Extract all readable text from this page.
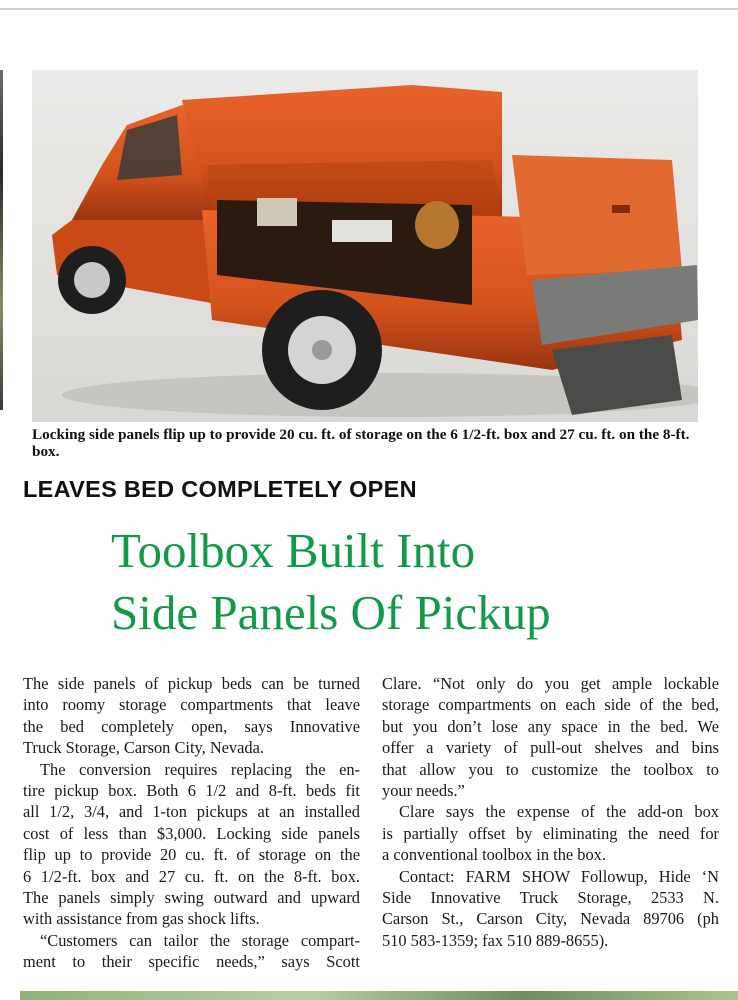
Locking side panels flip up to provide 20 cu. ft. of storage on the 6 1/2-ft. box and 27 cu. ft. on the 8-ft. box.
LEAVES BED COMPLETELY OPEN
Toolbox Built Into
Side Panels Of Pickup
The side panels of pickup beds can be turned
into roomy storage compartments that leave
the bed completely open, says Innovative
Truck Storage, Carson City, Nevada.
The conversion requires replacing the en-
tire pickup box. Both 6 1/2 and 8-ft. beds fit
all 1/2, 3/4, and 1-ton pickups at an installed
cost of less than $3,000. Locking side panels
flip up to provide 20 cu. ft. of storage on the
6 1/2-ft. box and 27 cu. ft. on the 8-ft. box.
The panels simply swing outward and upward
with assistance from gas shock lifts.
“Customers can tailor the storage compart-
ment to their specific needs,” says Scott
Clare. “Not only do you get ample lockable
storage compartments on each side of the bed,
but you don’t lose any space in the bed. We
offer a variety of pull-out shelves and bins
that allow you to customize the toolbox to
your needs.”
Clare says the expense of the add-on box
is partially offset by eliminating the need for
a conventional toolbox in the box.
Contact: FARM SHOW Followup, Hide ‘N
Side Innovative Truck Storage, 2533 N.
Carson St., Carson City, Nevada 89706 (ph
510 583-1359; fax 510 889-8655).
